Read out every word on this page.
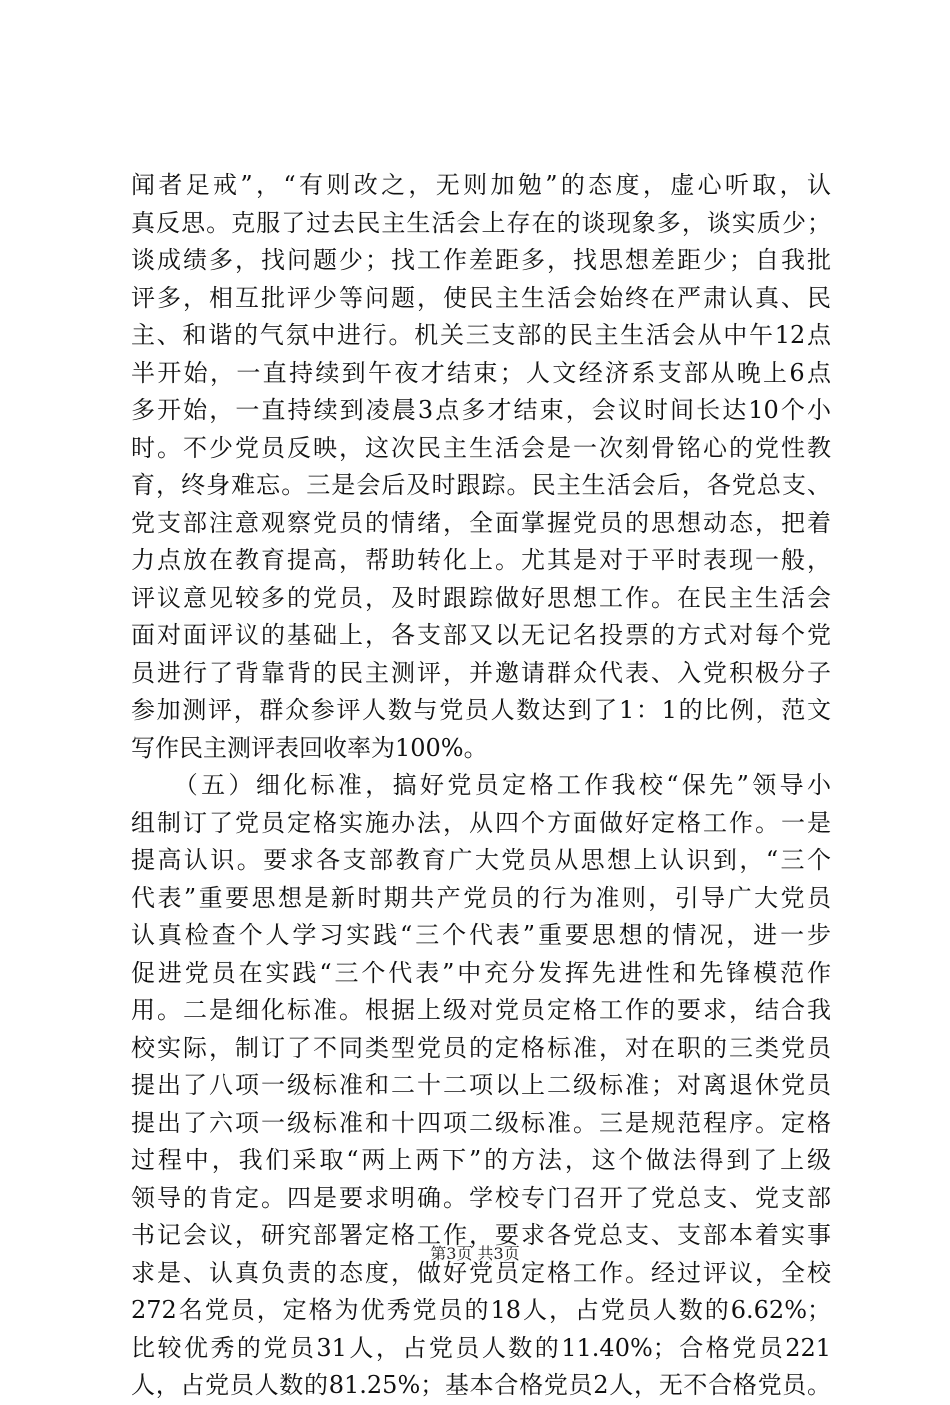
闻者足戒”，“有则改之，无则加勉”的态度，虚心听取，认
真反思。克服了过去民主生活会上存在的谈现象多，谈实质少；
谈成绩多，找问题少；找工作差距多，找思想差距少；自我批
评多，相互批评少等问题，使民主生活会始终在严肃认真、民
主、和谐的气氛中进行。机关三支部的民主生活会从中午12点
半开始，一直持续到午夜才结束；人文经济系支部从晚上6点
多开始，一直持续到凌晨3点多才结束，会议时间长达10个小
时。不少党员反映，这次民主生活会是一次刻骨铭心的党性教
育，终身难忘。三是会后及时跟踪。民主生活会后，各党总支、
党支部注意观察党员的情绪，全面掌握党员的思想动态，把着
力点放在教育提高，帮助转化上。尤其是对于平时表现一般，
评议意见较多的党员，及时跟踪做好思想工作。在民主生活会
面对面评议的基础上，各支部又以无记名投票的方式对每个党
员进行了背靠背的民主测评，并邀请群众代表、入党积极分子
参加测评，群众参评人数与党员人数达到了1：1的比例，范文
写作民主测评表回收率为100%。
　　（五）细化标准，搞好党员定格工作我校“保先”领导小
组制订了党员定格实施办法，从四个方面做好定格工作。一是
提高认识。要求各支部教育广大党员从思想上认识到，“三个
代表”重要思想是新时期共产党员的行为准则，引导广大党员
认真检查个人学习实践“三个代表”重要思想的情况，进一步
促进党员在实践“三个代表”中充分发挥先进性和先锋模范作
用。二是细化标准。根据上级对党员定格工作的要求，结合我
校实际，制订了不同类型党员的定格标准，对在职的三类党员
提出了八项一级标准和二十二项以上二级标准；对离退休党员
提出了六项一级标准和十四项二级标准。三是规范程序。定格
过程中，我们采取“两上两下”的方法，这个做法得到了上级
领导的肯定。四是要求明确。学校专门召开了党总支、党支部
书记会议，研究部署定格工作，要求各党总支、支部本着实事
求是、认真负责的态度，做好党员定格工作。经过评议，全校
272名党员，定格为优秀党员的18人，占党员人数的6.62%；
比较优秀的党员31人，占党员人数的11.40%；合格党员221
人，占党员人数的81.25%；基本合格党员2人，无不合格党员。
第3页 共3页
